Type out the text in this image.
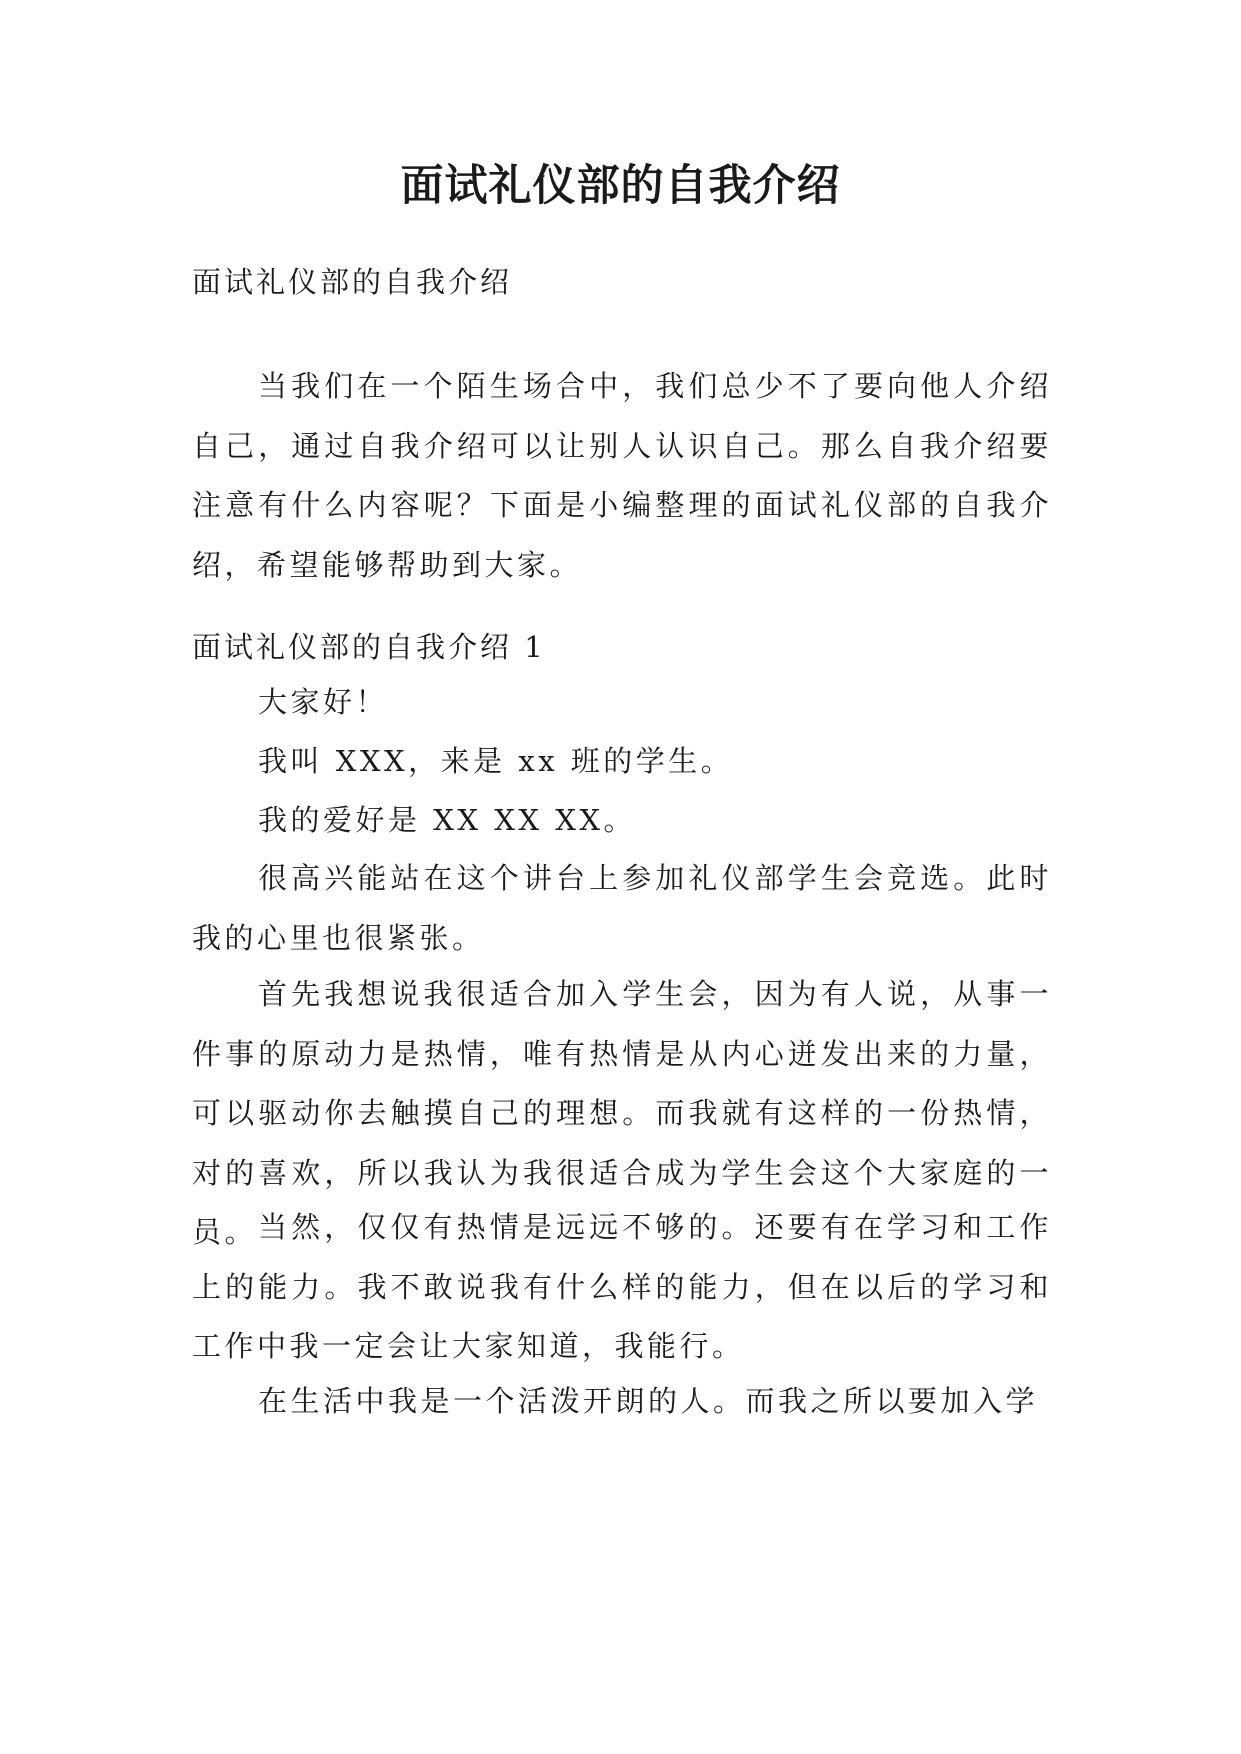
面试礼仪部的自我介绍

面试礼仪部的自我介绍

当我们在一个陌生场合中，我们总少不了要向他人介绍自己，通过自我介绍可以让别人认识自己。那么自我介绍要注意有什么内容呢？下面是小编整理的面试礼仪部的自我介绍，希望能够帮助到大家。

面试礼仪部的自我介绍 1

大家好！

我叫 XXX，来是 xx 班的学生。

我的爱好是 XX XX XX。

很高兴能站在这个讲台上参加礼仪部学生会竞选。此时我的心里也很紧张。

首先我想说我很适合加入学生会，因为有人说，从事一件事的原动力是热情，唯有热情是从内心迸发出来的力量，可以驱动你去触摸自己的理想。而我就有这样的一份热情，对的喜欢，所以我认为我很适合成为学生会这个大家庭的一员。 当然，仅仅有热情是远远不够的。还要有在学习和工作上的能力。我不敢说我有什么样的能力，但在以后的学习和工作中我一定会让大家知道，我能行。

在生活中我是一个活泼开朗的人。而我之所以要加入学
